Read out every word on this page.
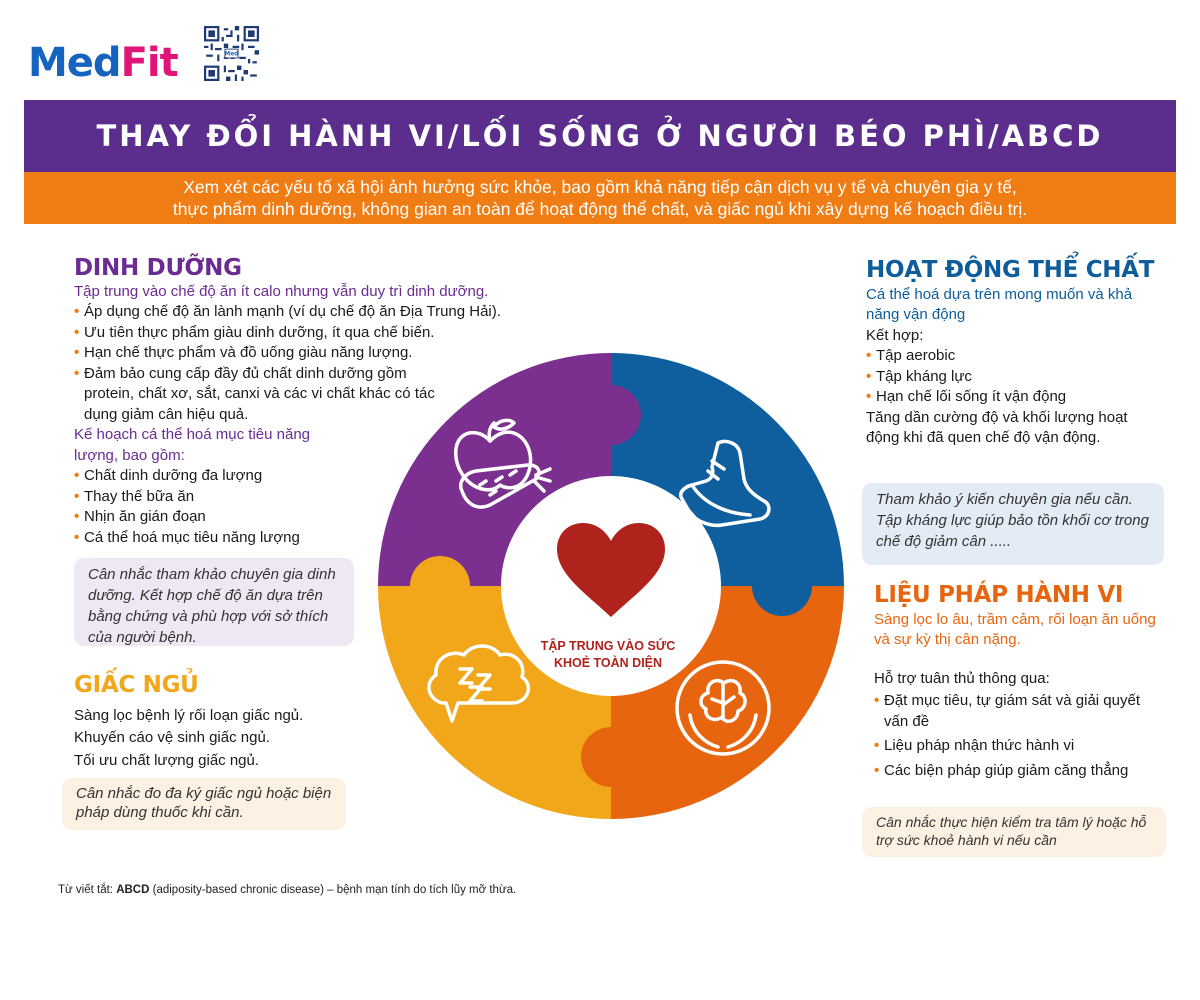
MedFit	Med
THAY ĐỔI HÀNH VI/LỐI SỐNG Ở NGƯỜI BÉO PHÌ/ABCD
Xem xét các yếu tố xã hội ảnh hưởng sức khỏe, bao gồm khả năng tiếp cận dịch vụ y tế và chuyên gia y tế,
thực phẩm dinh dưỡng, không gian an toàn để hoạt động thể chất, và giấc ngủ khi xây dựng kế hoạch điều trị.
DINH DƯỠNG
Tập trung vào chế độ ăn ít calo nhưng vẫn duy trì dinh dưỡng.
• Áp dụng chế độ ăn lành mạnh (ví dụ chế độ ăn Địa Trung Hải).
• Ưu tiên thực phẩm giàu dinh dưỡng, ít qua chế biến.
• Hạn chế thực phẩm và đồ uống giàu năng lượng.
• Đảm bảo cung cấp đầy đủ chất dinh dưỡng gồm protein, chất xơ, sắt, canxi và các vi chất khác có tác dụng giảm cân hiệu quả.
Kế hoạch cá thể hoá mục tiêu năng lượng, bao gồm:
• Chất dinh dưỡng đa lượng
• Thay thế bữa ăn
• Nhịn ăn gián đoạn
• Cá thể hoá mục tiêu năng lượng
Cân nhắc tham khảo chuyên gia dinh dưỡng. Kết hợp chế độ ăn dựa trên bằng chứng và phù hợp với sở thích của người bệnh.
GIẤC NGỦ
Sàng lọc bệnh lý rối loạn giấc ngủ.
Khuyến cáo vệ sinh giấc ngủ.
Tối ưu chất lượng giấc ngủ.
Cân nhắc đo đa ký giấc ngủ hoặc biện pháp dùng thuốc khi cần.
HOẠT ĐỘNG THỂ CHẤT
Cá thể hoá dựa trên mong muốn và khả năng vận động
Kết hợp:
• Tập aerobic
• Tập kháng lực
• Hạn chế lối sống ít vận động
Tăng dần cường độ và khối lượng hoạt động khi đã quen chế độ vận động.
Tham khảo ý kiến chuyên gia nếu cần. Tập kháng lực giúp bảo tồn khối cơ trong chế độ giảm cân .....
LIỆU PHÁP HÀNH VI
Sàng lọc lo âu, trầm cảm, rối loạn ăn uống và sự kỳ thị cân nặng.
Hỗ trợ tuân thủ thông qua:
• Đặt mục tiêu, tự giám sát và giải quyết vấn đề
• Liệu pháp nhận thức hành vi
• Các biện pháp giúp giảm căng thẳng
Cân nhắc thực hiện kiểm tra tâm lý hoặc hỗ trợ sức khoẻ hành vi nếu cần
TẬP TRUNG VÀO SỨC
KHOẺ TOÀN DIỆN
Từ viết tắt: ABCD (adiposity-based chronic disease) – bệnh mạn tính do tích lũy mỡ thừa.
